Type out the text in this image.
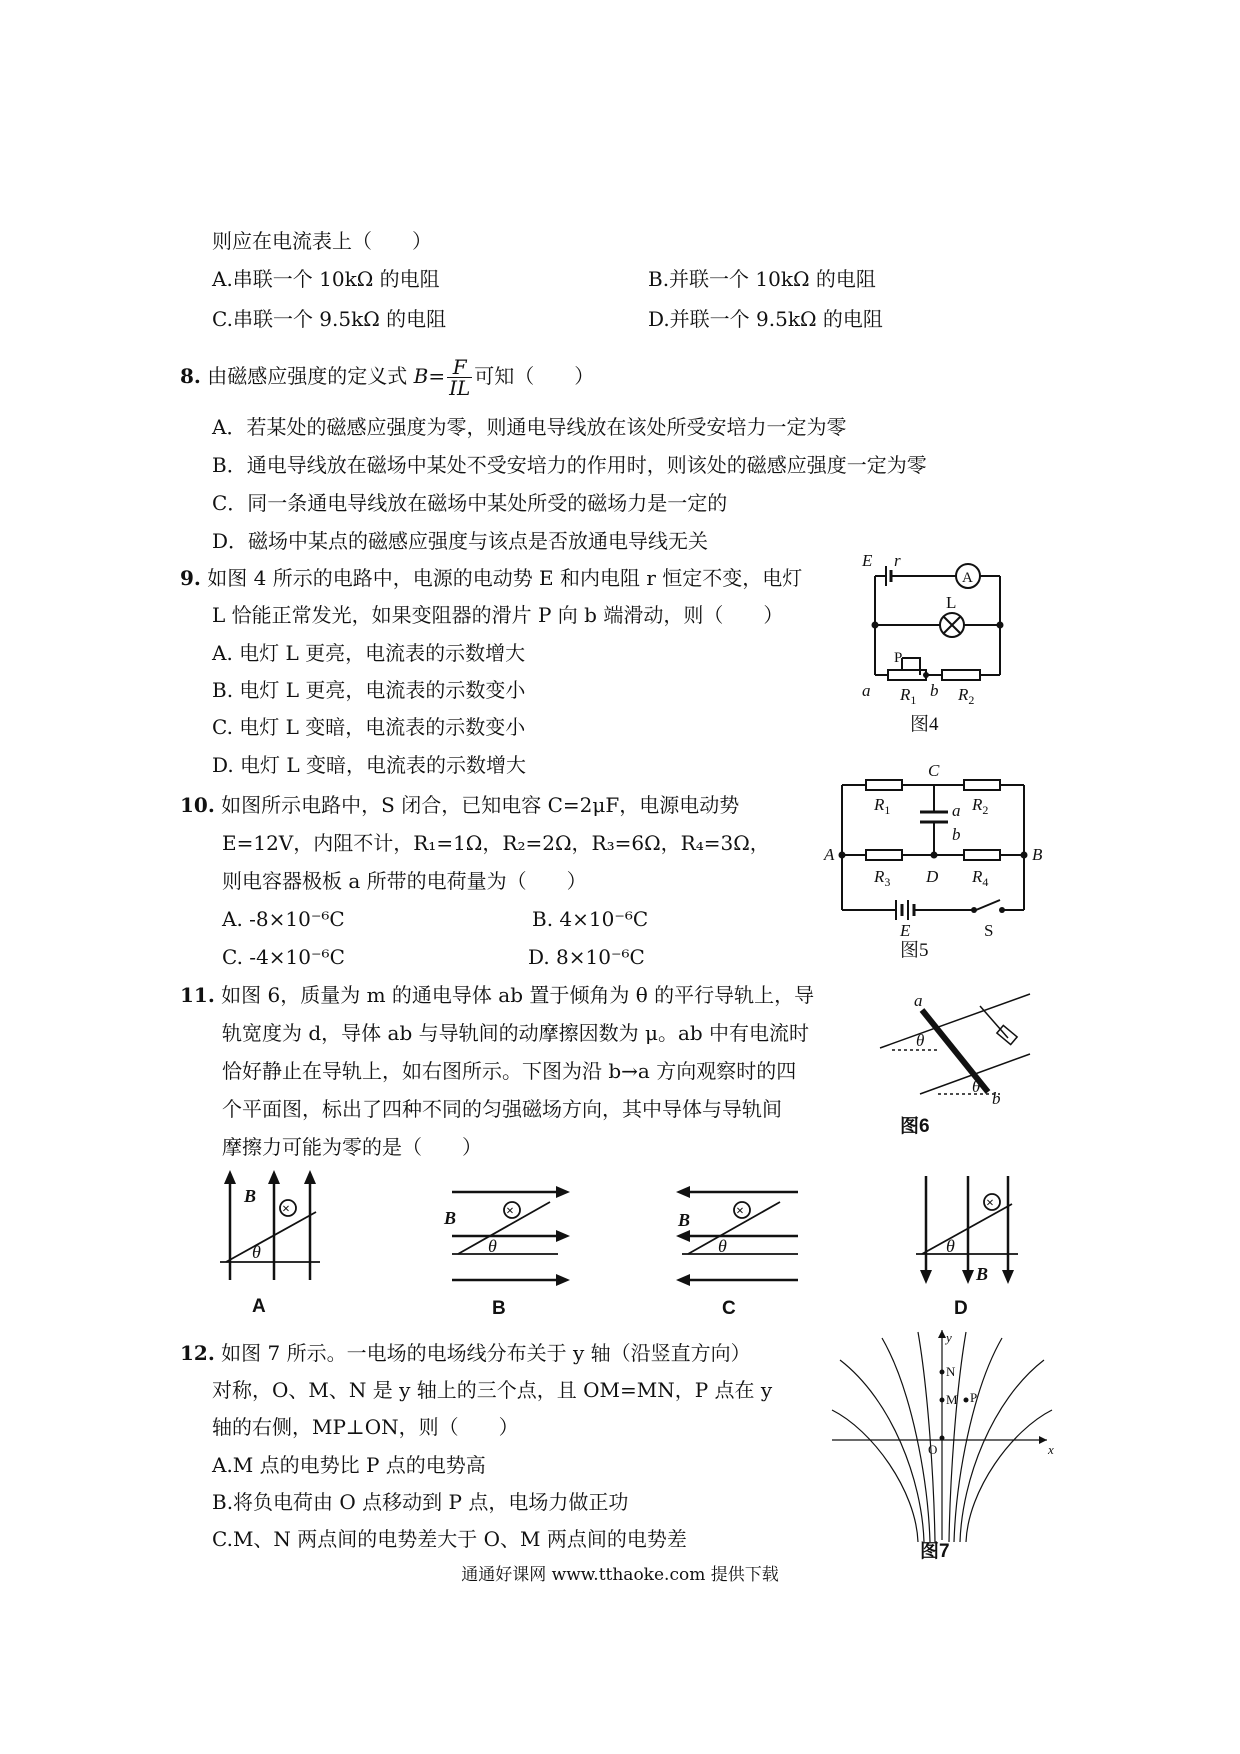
则应在电流表上（　　）
A.串联一个 10kΩ 的电阻	B.并联一个 10kΩ 的电阻
C.串联一个 9.5kΩ 的电阻	D.并联一个 9.5kΩ 的电阻
8. 由磁感应强度的定义式 $B= \frac{F}{IL}$ 可知（　　）
A．若某处的磁感应强度为零，则通电导线放在该处所受安培力一定为零
B．通电导线放在磁场中某处不受安培力的作用时，则该处的磁感应强度一定为零
C．同一条通电导线放在磁场中某处所受的磁场力是一定的
D．磁场中某点的磁感应强度与该点是否放通电导线无关
9. 如图 4 所示的电路中，电源的电动势 E 和内电阻 r 恒定不变，电灯
L 恰能正常发光，如果变阻器的滑片 P 向 b 端滑动，则（　　）
A. 电灯 L 更亮，电流表的示数增大
B. 电灯 L 更亮，电流表的示数变小
C. 电灯 L 变暗，电流表的示数变小
D. 电灯 L 变暗，电流表的示数增大
E r
A
L
P
a $R_1$ b $R_2$
图4
10. 如图所示电路中，S 闭合，已知电容 C=2μF，电源电动势
E=12V，内阻不计，R₁=1Ω，R₂=2Ω，R₃=6Ω，R₄=3Ω，
则电容器极板 a 所带的电荷量为（　　）
A. -8×10⁻⁶C	B. 4×10⁻⁶C
C. -4×10⁻⁶C	D. 8×10⁻⁶C
C
$R_1$	$R_2$
a
b
A	B
$R_3$ D $R_4$
E	S
图5
11. 如图 6，质量为 m 的通电导体 ab 置于倾角为 θ 的平行导轨上，导
轨宽度为 d，导体 ab 与导轨间的动摩擦因数为 μ。ab 中有电流时
恰好静止在导轨上，如右图所示。下图为沿 b→a 方向观察时的四
个平面图，标出了四种不同的匀强磁场方向，其中导体与导轨间
摩擦力可能为零的是（　　）
a
b
θ
θ
图6
B
θ
×
A
B
θ
×
B
B
θ
×
C
B
θ
×
D
12. 如图 7 所示。一电场的电场线分布关于 y 轴（沿竖直方向）
对称，O、M、N 是 y 轴上的三个点，且 OM=MN，P 点在 y
轴的右侧，MP⊥ON，则（　　）
A.M 点的电势比 P 点的电势高
B.将负电荷由 O 点移动到 P 点，电场力做正功
C.M、N 两点间的电势差大于 O、M 两点间的电势差
y
x
N
M P
O
图7
通通好课网 www.tthaoke.com 提供下载
